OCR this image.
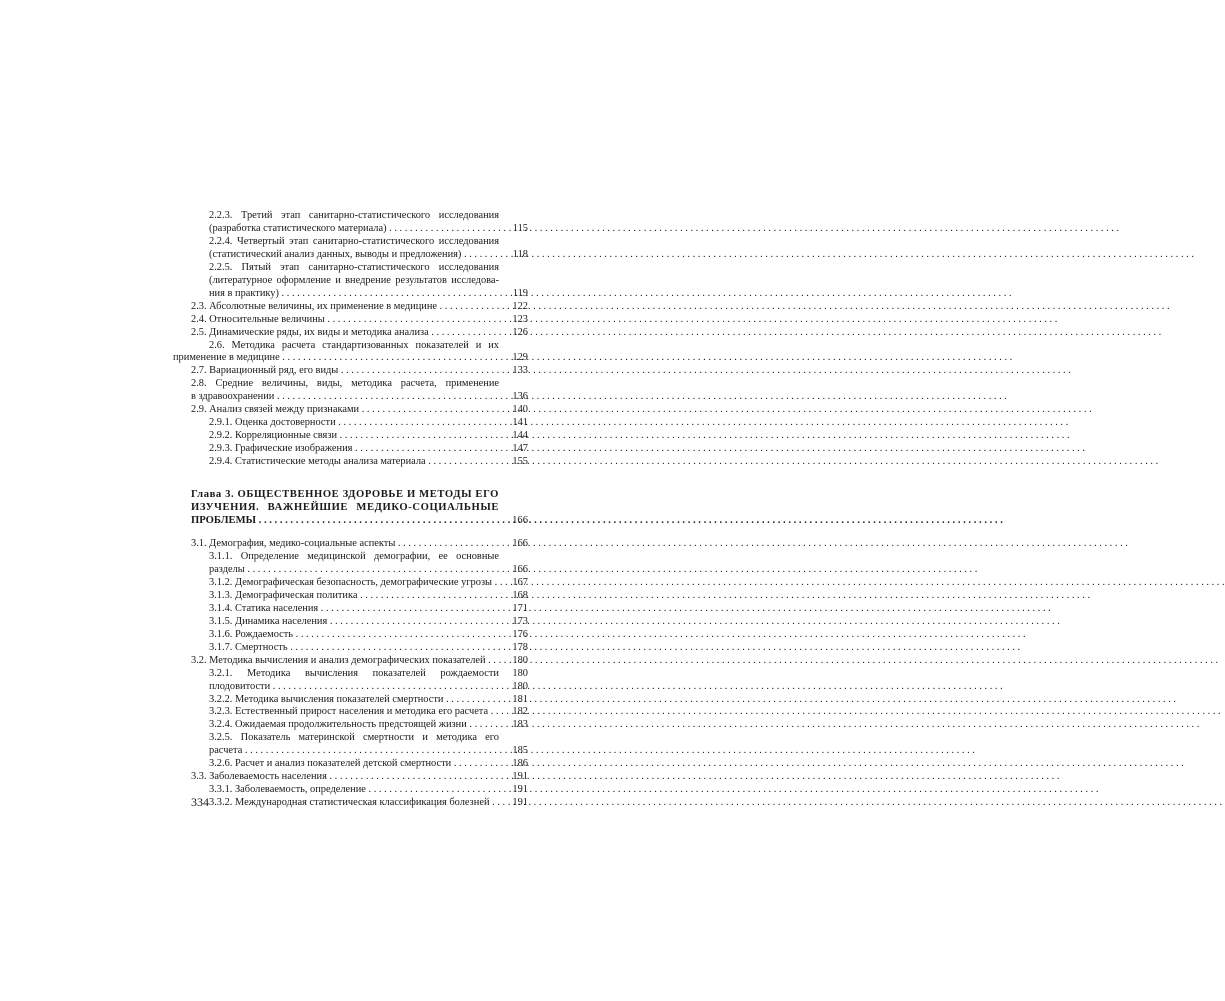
2.2.3. Третий этап санитарно-статистического исследования
(разработка статистического материала) . . .	115
2.2.4. Четвертый этап санитарно-статистического исследования
(статистический анализ данных, выводы и предложения) . . .	118
2.2.5. Пятый этап санитарно-статистического исследования
(литературное оформление и внедрение результатов исследова-
ния в практику) . . .	119
2.3. Абсолютные величины, их применение в медицине . . .	122
2.4. Относительные величины . . .	123
2.5. Динамические ряды, их виды и методика анализа . . .	126
2.6. Методика расчета стандартизованных показателей и их
применение в медицине . . .	129
2.7. Вариационный ряд, его виды . . .	133
2.8. Средние величины, виды, методика расчета, применение
в здравоохранении . . .	136
2.9. Анализ связей между признаками . . .	140
2.9.1. Оценка достоверности . . .	141
2.9.2. Корреляционные связи . . .	144
2.9.3. Графические изображения . . .	147
2.9.4. Статистические методы анализа материала . . .	155
Глава 3. ОБЩЕСТВЕННОЕ ЗДОРОВЬЕ И МЕТОДЫ ЕГО
ИЗУЧЕНИЯ. ВАЖНЕЙШИЕ МЕДИКО-СОЦИАЛЬНЫЕ
ПРОБЛЕМЫ . . .	166
3.1. Демография, медико-социальные аспекты . . .	166
3.1.1. Определение медицинской демографии, ее основные
разделы . . .	166
3.1.2. Демографическая безопасность, демографические угрозы . . .	167
3.1.3. Демографическая политика . . .	168
3.1.4. Статика населения . . .	171
3.1.5. Динамика населения . . .	173
3.1.6. Рождаемость . . .	176
3.1.7. Смертность . . .	178
3.2. Методика вычисления и анализ демографических показателей . . .	180
3.2.1. Методика вычисления показателей рождаемости	180
плодовитости . . .	180
3.2.2. Методика вычисления показателей смертности . . .	181
3.2.3. Естественный прирост населения и методика его расчета . . .	182
3.2.4. Ожидаемая продолжительность предстоящей жизни . . .	183
3.2.5. Показатель материнской смертности и методика его
расчета . . .	185
3.2.6. Расчет и анализ показателей детской смертности . . .	186
3.3. Заболеваемость населения . . .	191
3.3.1. Заболеваемость, определение . . .	191
3.3.2. Международная статистическая классификация болезней . . .	191
334
